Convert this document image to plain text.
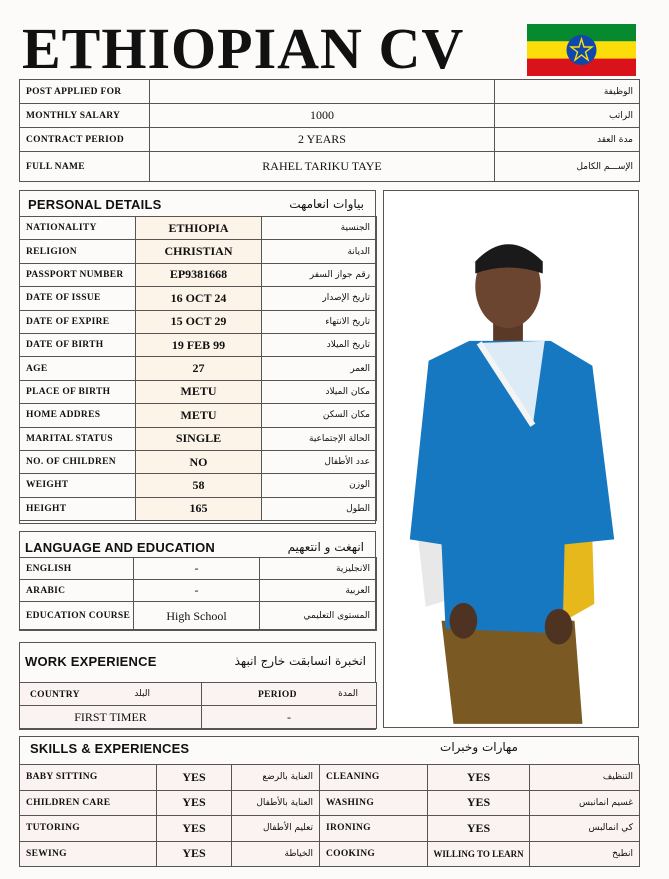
ETHIOPIAN CV
POST APPLIED FOR		الوظيفة
MONTHLY SALARY	1000	الراتب
CONTRACT PERIOD	2 YEARS	مدة العقد
FULL NAME	RAHEL TARIKU TAYE	الإســـم الكامل
PERSONAL DETAILS	بياوات انعامهت
NATIONALITY	ETHIOPIA	الجنسية
RELIGION	CHRISTIAN	الديانة
PASSPORT NUMBER	EP9381668	رقم جواز السفر
DATE OF ISSUE	16 OCT 24	تاريخ الإصدار
DATE OF EXPIRE	15 OCT 29	تاريخ الانتهاء
DATE OF BIRTH	19 FEB 99	تاريخ الميلاد
AGE	27	العمر
PLACE OF BIRTH	METU	مكان الميلاد
HOME ADDRES	METU	مكان السكن
MARITAL STATUS	SINGLE	الحالة الإجتماعية
NO. OF CHILDREN	NO	عدد الأطفال
WEIGHT	58	الوزن
HEIGHT	165	الطول
LANGUAGE AND EDUCATION	انهغت و انتعهيم
ENGLISH	-	الانجليزية
ARABIC	-	العربية
EDUCATION COURSE	High School	المستوى التعليمي
WORK EXPERIENCE	انخبرة انسابقت خارج انبهذ
COUNTRY البلد	PERIOD المدة

FIRST TIMER	-
SKILLS & EXPERIENCES	مهارات وخبرات
BABY SITTING	YES	العناية بالرضع	CLEANING	YES	التنظيف
CHILDREN CARE	YES	العناية بالأطفال	WASHING	YES	غسيم انمانبس
TUTORING	YES	تعليم الأطفال	IRONING	YES	كي انمالبس
SEWING	YES	الخياطة	COOKING	WILLING TO LEARN	انطبخ
